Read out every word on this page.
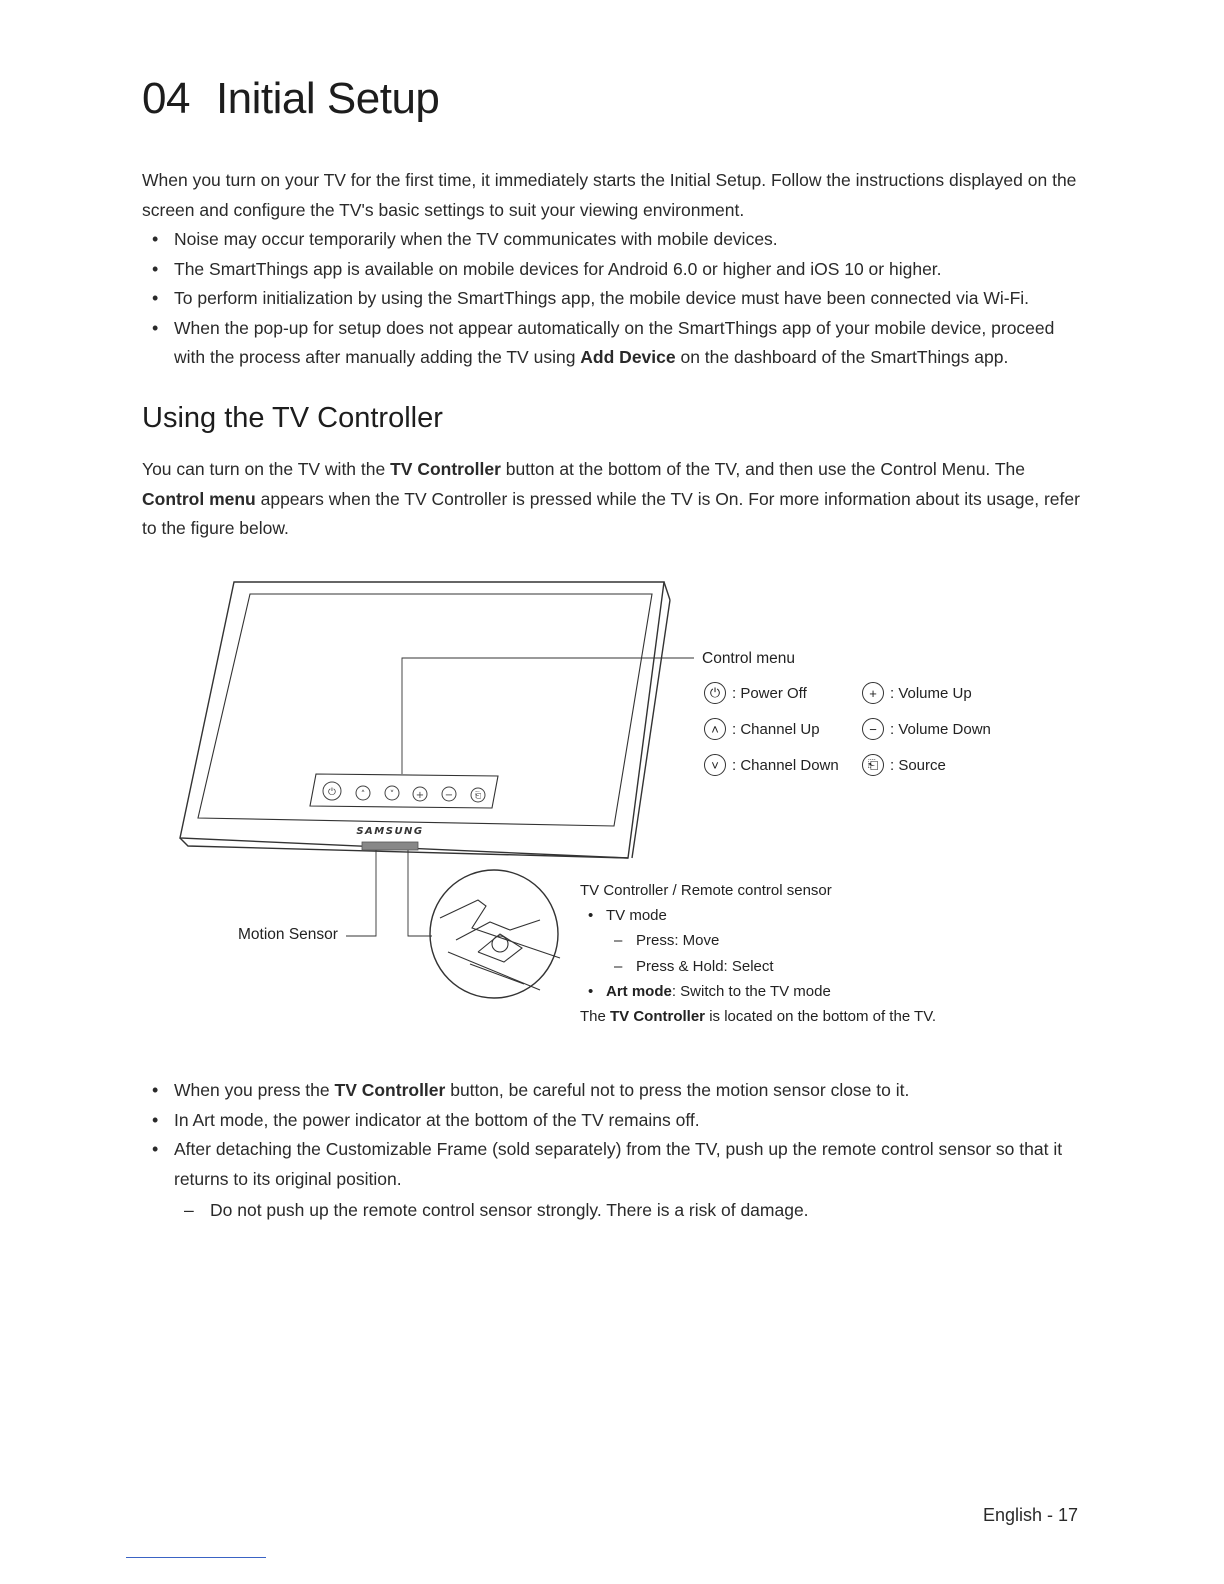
04 Initial Setup

When you turn on your TV for the first time, it immediately starts the Initial Setup. Follow the instructions displayed on the screen and configure the TV's basic settings to suit your viewing environment.

• Noise may occur temporarily when the TV communicates with mobile devices.
• The SmartThings app is available on mobile devices for Android 6.0 or higher and iOS 10 or higher.
• To perform initialization by using the SmartThings app, the mobile device must have been connected via Wi-Fi.
• When the pop-up for setup does not appear automatically on the SmartThings app of your mobile device, proceed with the process after manually adding the TV using Add Device on the dashboard of the SmartThings app.
Using the TV Controller

You can turn on the TV with the TV Controller button at the bottom of the TV, and then use the Control Menu. The Control menu appears when the TV Controller is pressed while the TV is On. For more information about its usage, refer to the figure below.

⏻	˄	˅ + −	⎗
SAMSUNG
Motion Sensor
Control menu
⏻ : Power Off
˄ : Channel Up
˅ : Channel Down
+ : Volume Up
− : Volume Down
⎗ : Source
TV Controller / Remote control sensor
• TV mode
– Press: Move
– Press & Hold: Select
• Art mode: Switch to the TV mode
The TV Controller is located on the bottom of the TV.
• When you press the TV Controller button, be careful not to press the motion sensor close to it.
• In Art mode, the power indicator at the bottom of the TV remains off.
• After detaching the Customizable Frame (sold separately) from the TV, push up the remote control sensor so that it returns to its original position.
– Do not push up the remote control sensor strongly. There is a risk of damage.
English - 17
